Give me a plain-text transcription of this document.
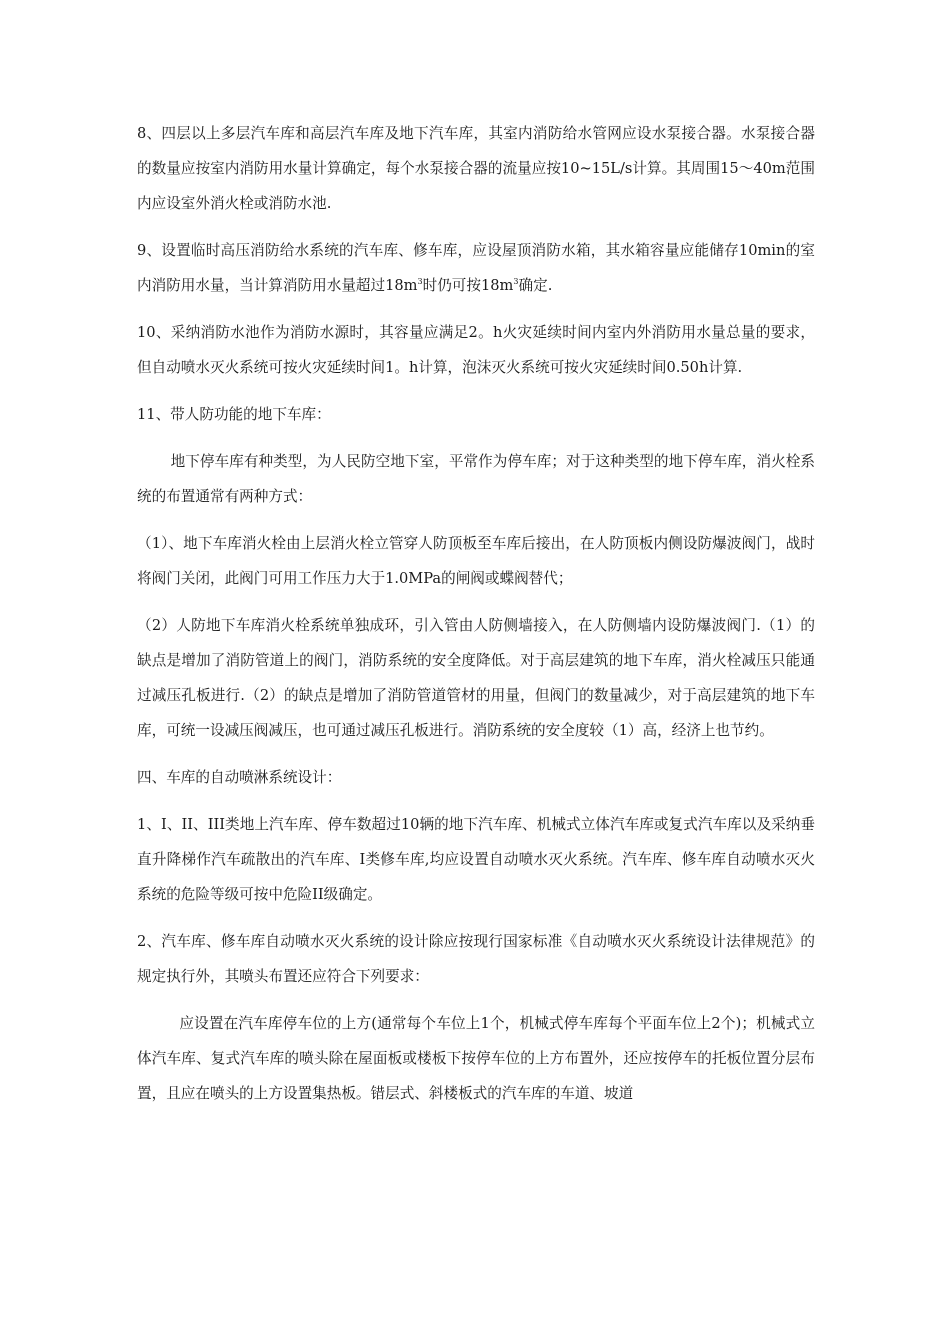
8、四层以上多层汽车库和高层汽车库及地下汽车库，其室内消防给水管网应设水泵接合器。水泵接合器的数量应按室内消防用水量计算确定，每个水泵接合器的流量应按10~15L/s计算。其周围15〜40m范围内应设室外消火栓或消防水池.

9、设置临时高压消防给水系统的汽车库、修车库，应设屋顶消防水箱，其水箱容量应能储存10min的室内消防用水量，当计算消防用水量超过$18m^3$时仍可按$18m^3$确定.

10、采纳消防水池作为消防水源时，其容量应满足2。h火灾延续时间内室内外消防用水量总量的要求，但自动喷水灭火系统可按火灾延续时间1。h计算，泡沫灭火系统可按火灾延续时间0.50h计算.

11、带人防功能的地下车库：

地下停车库有种类型，为人民防空地下室，平常作为停车库；对于这种类型的地下停车库，消火栓系统的布置通常有两种方式：

（1）、地下车库消火栓由上层消火栓立管穿人防顶板至车库后接出，在人防顶板内侧设防爆波阀门，战时将阀门关闭，此阀门可用工作压力大于1.0MPa的闸阀或蝶阀替代；

（2）人防地下车库消火栓系统单独成环，引入管由人防侧墙接入，在人防侧墙内设防爆波阀门.（1）的缺点是增加了消防管道上的阀门，消防系统的安全度降低。对于高层建筑的地下车库，消火栓减压只能通过减压孔板进行.（2）的缺点是增加了消防管道管材的用量，但阀门的数量减少，对于高层建筑的地下车库，可统一设减压阀减压，也可通过减压孔板进行。消防系统的安全度较（1）高，经济上也节约。

四、车库的自动喷淋系统设计：

1、I、II、III类地上汽车库、停车数超过10辆的地下汽车库、机械式立体汽车库或复式汽车库以及采纳垂直升降梯作汽车疏散出的汽车库、I类修车库,均应设置自动喷水灭火系统。汽车库、修车库自动喷水灭火系统的危险等级可按中危险II级确定。

2、汽车库、修车库自动喷水灭火系统的设计除应按现行国家标准《自动喷水灭火系统设计法律规范》的规定执行外，其喷头布置还应符合下列要求：

应设置在汽车库停车位的上方(通常每个车位上1个，机械式停车库每个平面车位上2个)；机械式立体汽车库、复式汽车库的喷头除在屋面板或楼板下按停车位的上方布置外，还应按停车的托板位置分层布置，且应在喷头的上方设置集热板。错层式、斜楼板式的汽车库的车道、坡道
